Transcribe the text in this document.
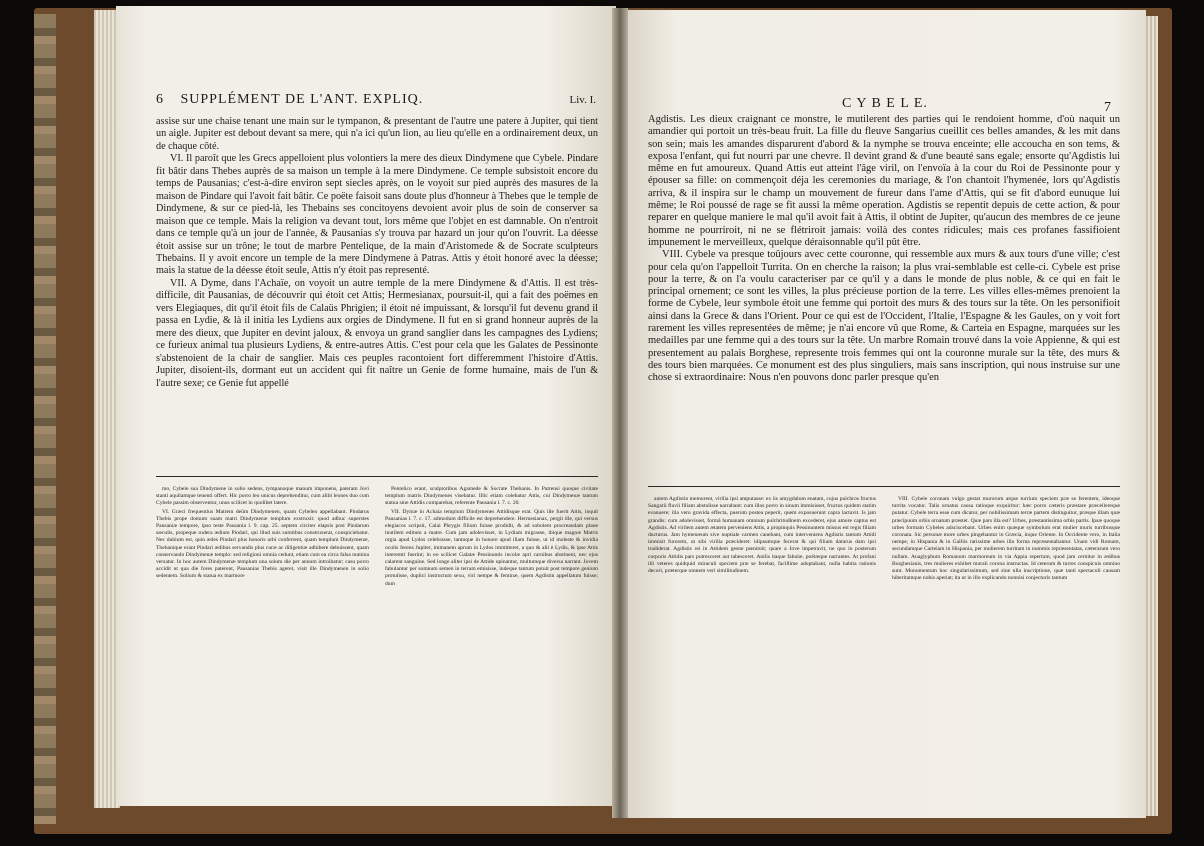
6 SUPPLÉMENT DE L'ANT. EXPLIQ.	Liv. I.

assise sur une chaise tenant une main sur le tympanon, & presentant de l'autre une patere à Jupiter, qui tient un aigle. Jupiter est debout devant sa mere, qui n'a ici qu'un lion, au lieu qu'elle en a ordinairement deux, un de chaque côté.

VI. Il paroît que les Grecs appelloient plus volontiers la mere des dieux Dindymene que Cybele. Pindare fit bâtir dans Thebes auprès de sa maison un temple à la mere Dindymene. Ce temple subsistoit encore du temps de Pausanias; c'est-à-dire environ sept siecles après, on le voyoit sur pied auprès des masures de la maison de Pindare qui l'avoit fait bâtir. Ce poëte faisoit sans doute plus d'honneur à Thebes que le temple de Dindymene, & sur ce pied-là, les Thebains ses concitoyens devoient avoir plus de soin de conserver sa maison que ce temple. Mais la religion va devant tout, lors même que l'objet en est damnable. On n'entroit dans ce temple qu'à un jour de l'année, & Pausanias s'y trouva par hazard un jour qu'on l'ouvrit. La déesse étoit assise sur un trône; le tout de marbre Pentelique, de la main d'Aristomede & de Socrate sculpteurs Thebains. Il y avoit encore un temple de la mere Dindymene à Patras. Attis y étoit honoré avec la déesse; mais la statue de la déesse étoit seule, Attis n'y étoit pas representé.

VII. A Dyme, dans l'Achaïe, on voyoit un autre temple de la mere Dindymene & d'Attis. Il est très-difficile, dit Pausanias, de découvrir qui étoit cet Attis; Hermesianax, poursuit-il, qui a fait des poëmes en vers Elegiaques, dit qu'il étoit fils de Calaüs Phrigien; il étoit né impuissant, & lorsqu'il fut devenu grand il passa en Lydie, & là il initia les Lydiens aux orgies de Dindymene. Il fut en si grand honneur auprès de la mere des dieux, que Jupiter en devint jaloux, & envoya un grand sanglier dans les campagnes des Lydiens; ce furieux animal tua plusieurs Lydiens, & entre-autres Attis. C'est pour cela que les Galates de Pessinonte s'abstenoient de la chair de sanglier. Mais ces peuples racontoient fort differemment l'histoire d'Attis. Jupiter, disoient-ils, dormant eut un accident qui fit naître un Genie de forme humaine, mais de l'un & l'autre sexe; ce Genie fut appellé

mo, Cybele sua Dindymene in solio sedens, tympanoque manum imponens, pateram Jovi stanti aquilamque tenenti offert. Hic porro leo unicus deprehenditur, cum alibi leones duo cum Cybele passim observentur, unus scilicet in quolibet latere.

VI. Græci frequentius Matrem deûm Dindymenen, quam Cybelen appellabant. Pindarus Thebis prope domum suam matri Dindymenæ templum exstruxit: quod adhuc superstes Pausaniæ tempore, ipso teste Pausania l. 9. cap. 25. septem circiter elapsis post Pindarum sæculis, propeque rudera ædium Pindari, qui illud suis sumtibus construxerat, conspiciebatur. Nec dubium est, quin ædes Pindari plus honoris urbi conferrent, quam templum Dindymenæ, Thebanique erant Pindari ædibus servandis plus curæ ac diligentiæ adhibere debuissent, quam conservando Dindymenæ templo: sed religioni omnia cedunt, etiam cum ea circa falsa numina versatur. In hoc autem Dindymenæ templum una solum die per annum introibatur; casu porro accidit ut qua die fores paterent, Pausanias Thebis ageret, visit ille Dindymenen in solio sedentem. Solium & statua ex marmore

Pentelico erant, sculptoribus Agamede & Socrate Thebanis. In Patrensi quoque civitate templum matris Dindymenes visebatur. Illic etiam colebatur Attis, cui Dindymenæ tantum statua sine Attidis comparebat, referente Pausania l. 7. c. 20.

VII. Dymæ in Achaia templum Dindymenes Attidisque erat. Quis ille fuerit Attis, inquit Pausanias l. 7. c. 17. admodum difficile est deprehendere. Hermesianax, pergit ille, qui versus elegiacos scripsit, Calai Phrygis filium fuisse prodidit, & ad sobolem procreandam plane inutilem editum a matre. Cum jam adolevisset, in Lydiam migrasse, ibique magnæ Matris orgia apud Lydos celebrasse, tantoque in honore apud illam fuisse, ut id moleste & invidia oculis ferens Jupiter, immanem aprum in Lydos immitteret, a quo & alii è Lydis, & ipse Attis interemti fuerint; in eo scilicet Galatæ Pessinuntis incolæ apri carnibus abstinent, nec ejus calarent sanguine. Sed longe aliter ipsi de Attide opinantur, multumque diversa narrant. Jovem fabulantur per somnum semen in terram emisisse, indeque tantum potuit post tempore genium protulisse, duplici instructum sexu, viri nempe & feminæ, quem Agdistin appellatum fuisse; dum

C Y B E L E.	7

Agdistis. Les dieux craignant ce monstre, le mutilerent des parties qui le rendoient homme, d'où naquit un amandier qui portoit un très-beau fruit. La fille du fleuve Sangarius cueillit ces belles amandes, & les mit dans son sein; mais les amandes disparurent d'abord & la nymphe se trouva enceinte; elle accoucha en son tems, & exposa l'enfant, qui fut nourri par une chevre. Il devint grand & d'une beauté sans egale; ensorte qu'Agdistis lui même en fut amoureux. Quand Attis eut atteint l'âge viril, on l'envoïa à la cour du Roi de Pessinonte pour y épouser sa fille: on commençoit déja les ceremonies du mariage, & l'on chantoit l'hymenée, lors qu'Agdistis arriva, & il inspira sur le champ un mouvement de fureur dans l'ame d'Attis, qui se fit d'abord eunuque lui même; le Roi poussé de rage se fit aussi la même operation. Agdistis se repentit depuis de cette action, & pour reparer en quelque maniere le mal qu'il avoit fait à Attis, il obtint de Jupiter, qu'aucun des membres de ce jeune homme ne pourriroit, ni ne se flétriroit jamais: voilà des contes ridicules; mais ces profanes fassifioient impunement le merveilleux, quelque déraisonnable qu'il pût être.

VIII. Cybele va presque toûjours avec cette couronne, qui ressemble aux murs & aux tours d'une ville; c'est pour cela qu'on l'appelloit Turrita. On en cherche la raison; la plus vrai-semblable est celle-ci. Cybele est prise pour la terre, & on l'a voulu caracteriser par ce qu'il y a dans le monde de plus noble, & ce qui en fait le principal ornement; ce sont les villes, la plus précieuse portion de la terre. Les villes elles-mêmes prenoient la forme de Cybele, leur symbole étoit une femme qui portoit des murs & des tours sur la tête. On les personifioit ainsi dans la Grece & dans l'Orient. Pour ce qui est de l'Occident, l'Italie, l'Espagne & les Gaules, on y voit fort rarement les villes representées de même; je n'ai encore vû que Rome, & Carteia en Espagne, marquées sur les medailles par une femme qui a des tours sur la tête. Un marbre Romain trouvé dans la voie Appienne, & qui est presentement au palais Borghese, represente trois femmes qui ont la couronne murale sur la tête, des murs & des tours bien marquées. Ce monument est des plus singuliers, mais sans inscription, qui nous instruise sur une chose si extraordinaire: Nous n'en pouvons donc parler presque qu'en

autem Agdistin memorent, virilia ipsi amputasse: ex iis amygdalum enatam, cujus pulchros fructus Sangarii fluvii filiam abstulisse narrabant: cum illos porro in sinum immisisset, fructus quidem statim evanuere; illa vero gravida effecta, puerum postea peperit, quem exposuerunt capra lactavit. Is jam grandis: cum adolevisset, formâ humanam omnium pulchritudinem excederet, ejus amore captus est Agdistis. Ad virilem autem ætatem perveniens Attis, a propinquis Pessinuntem missus est regis filiam ducturus. Jam hymenæum sive nuptiale carmen canebant, cum interveniens Agdistis tantum Attidi immisit furorem, ut sibi virilia præcideret: idipsumque fecerat & qui filiam daturus dam ipsi tradiderat. Agdistis rei in Attidem gestæ pœnituit; quare a Jove impetravit, ne quo in posterum corporis Attidis pars putresceret aut tabesceret. Anilis itaque fabulæ, poëtæque narrantes. At profani illi veteres quidquid miraculi speciem præ se ferebat, facillime adoptabant, nulla habita rationis decori, præterque omnem veri similitudinem.

VIII. Cybele coronam vulgo gestat murorum atque turrium speciem præ se ferentem, ideoque turrita vocatur. Talis ornatus causa ratioque exquiritur: hæc porro cæteris præstare præcellereque putatur. Cybele terra esse cum dicatur, per nobilissimam terræ partem distinguitur, præque illam quæ præcipuum orbis ornatum præstet. Quæ pars illa est? Urbes, præstantissima orbis partis. Ipsæ quoque urbes formam Cybeles adsciscebant. Urbes enim quæque symbolum erat mulier muris turribusque coronata. Sic personæ more urbes pingebantur in Græcia, inque Oriente. In Occidente vero, in Italia nempe, in Hispania & in Galliis rarissime urbes illa forma repræsentabantur. Unam vidi Romam, secundamque Carteiam in Hispania, per mulierem turritam in nummis repræsentatas, cæterarum vero nullam. Anaglyphum Romanum marmoreum in via Appia repertum, quod jam cernitur in ædibus Burghesianis, tres mulieres exhibet murali corona instructas. Id ceterum & turres conspicuis omnino sunt. Monumentum hoc singularissimum, sed sine ulla inscriptione, quæ tanti spectaculi causam hiberitamque nobis aperiat; ita ut in illo explicando nonnisi conjecturis tantum
